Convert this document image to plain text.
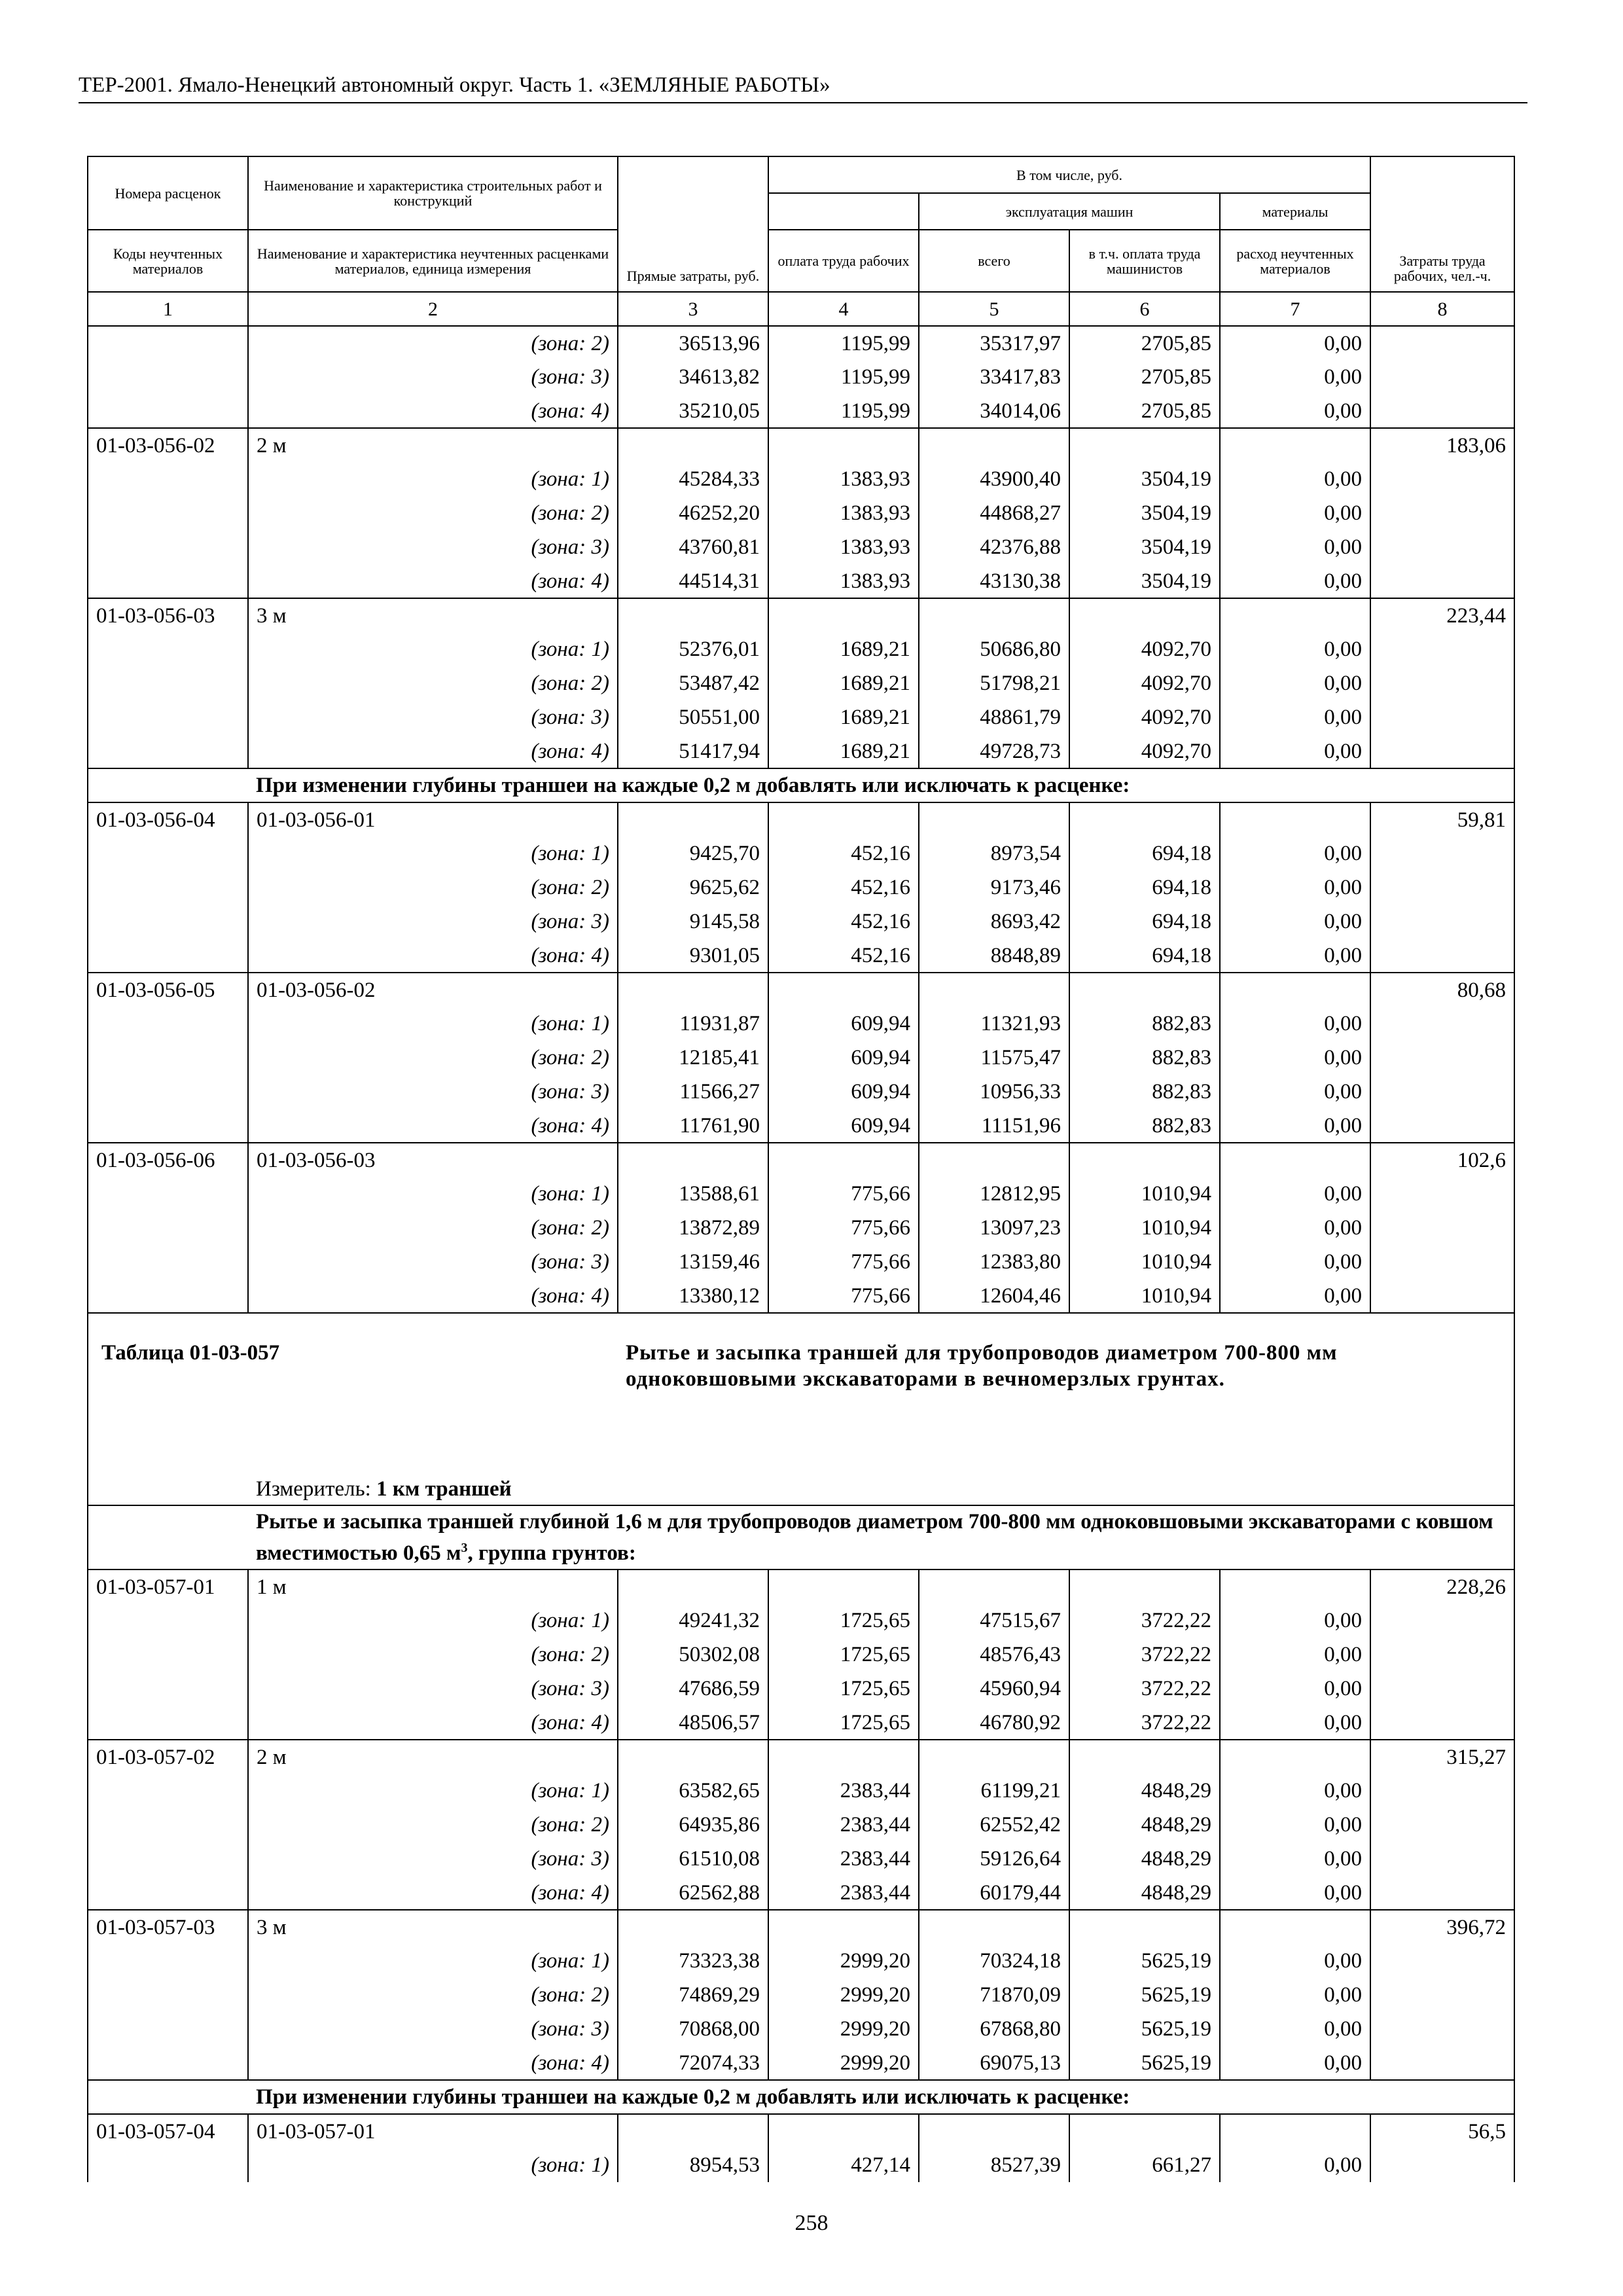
ТЕР-2001. Ямало-Ненецкий автономный округ. Часть 1. «ЗЕМЛЯНЫЕ РАБОТЫ»
Номера расценок	Наименование и характеристика строительных работ и конструкций	Прямые затраты, руб.	В том числе, руб.				Затраты труда рабочих, чел.-ч.
				эксплуатация машин		материалы	
Коды неучтенных материалов	Наименование и характеристика неучтенных расценками материалов, единица измерения		оплата труда рабочих	всего	в т.ч. оплата труда машинистов	расход неучтенных материалов	
1	2	3	4	5	6	7	8
	(зона: 2)	36513,96	1195,99	35317,97	2705,85	0,00	
	(зона: 3)	34613,82	1195,99	33417,83	2705,85	0,00	
	(зона: 4)	35210,05	1195,99	34014,06	2705,85	0,00	
01-03-056-02	2 м						183,06
	(зона: 1)	45284,33	1383,93	43900,40	3504,19	0,00	
	(зона: 2)	46252,20	1383,93	44868,27	3504,19	0,00	
	(зона: 3)	43760,81	1383,93	42376,88	3504,19	0,00	
	(зона: 4)	44514,31	1383,93	43130,38	3504,19	0,00	
01-03-056-03	3 м						223,44
	(зона: 1)	52376,01	1689,21	50686,80	4092,70	0,00	
	(зона: 2)	53487,42	1689,21	51798,21	4092,70	0,00	
	(зона: 3)	50551,00	1689,21	48861,79	4092,70	0,00	
	(зона: 4)	51417,94	1689,21	49728,73	4092,70	0,00	
	При изменении глубины траншеи на каждые 0,2 м добавлять или исключать к расценке:						
01-03-056-04	01-03-056-01						59,81
	(зона: 1)	9425,70	452,16	8973,54	694,18	0,00	
	(зона: 2)	9625,62	452,16	9173,46	694,18	0,00	
	(зона: 3)	9145,58	452,16	8693,42	694,18	0,00	
	(зона: 4)	9301,05	452,16	8848,89	694,18	0,00	
01-03-056-05	01-03-056-02						80,68
	(зона: 1)	11931,87	609,94	11321,93	882,83	0,00	
	(зона: 2)	12185,41	609,94	11575,47	882,83	0,00	
	(зона: 3)	11566,27	609,94	10956,33	882,83	0,00	
	(зона: 4)	11761,90	609,94	11151,96	882,83	0,00	
01-03-056-06	01-03-056-03						102,6
	(зона: 1)	13588,61	775,66	12812,95	1010,94	0,00	
	(зона: 2)	13872,89	775,66	13097,23	1010,94	0,00	
	(зона: 3)	13159,46	775,66	12383,80	1010,94	0,00	
	(зона: 4)	13380,12	775,66	12604,46	1010,94	0,00	
Таблица 01-03-057		Рытье и засыпка траншей для трубопроводов диаметром 700-800 мм одноковшовыми экскаваторами в вечномерзлых грунтах.					
	Измеритель: 1 км траншей						
	Рытье и засыпка траншей глубиной 1,6 м для трубопроводов диаметром 700-800 мм одноковшовыми экскаваторами с ковшом вместимостью 0,65 $м^3$, группа грунтов:						
01-03-057-01	1 м						228,26
	(зона: 1)	49241,32	1725,65	47515,67	3722,22	0,00	
	(зона: 2)	50302,08	1725,65	48576,43	3722,22	0,00	
	(зона: 3)	47686,59	1725,65	45960,94	3722,22	0,00	
	(зона: 4)	48506,57	1725,65	46780,92	3722,22	0,00	
01-03-057-02	2 м						315,27
	(зона: 1)	63582,65	2383,44	61199,21	4848,29	0,00	
	(зона: 2)	64935,86	2383,44	62552,42	4848,29	0,00	
	(зона: 3)	61510,08	2383,44	59126,64	4848,29	0,00	
	(зона: 4)	62562,88	2383,44	60179,44	4848,29	0,00	
01-03-057-03	3 м						396,72
	(зона: 1)	73323,38	2999,20	70324,18	5625,19	0,00	
	(зона: 2)	74869,29	2999,20	71870,09	5625,19	0,00	
	(зона: 3)	70868,00	2999,20	67868,80	5625,19	0,00	
	(зона: 4)	72074,33	2999,20	69075,13	5625,19	0,00	
	При изменении глубины траншеи на каждые 0,2 м добавлять или исключать к расценке:						
01-03-057-04	01-03-057-01						56,5
	(зона: 1)	8954,53	427,14	8527,39	661,27	0,00	
258
